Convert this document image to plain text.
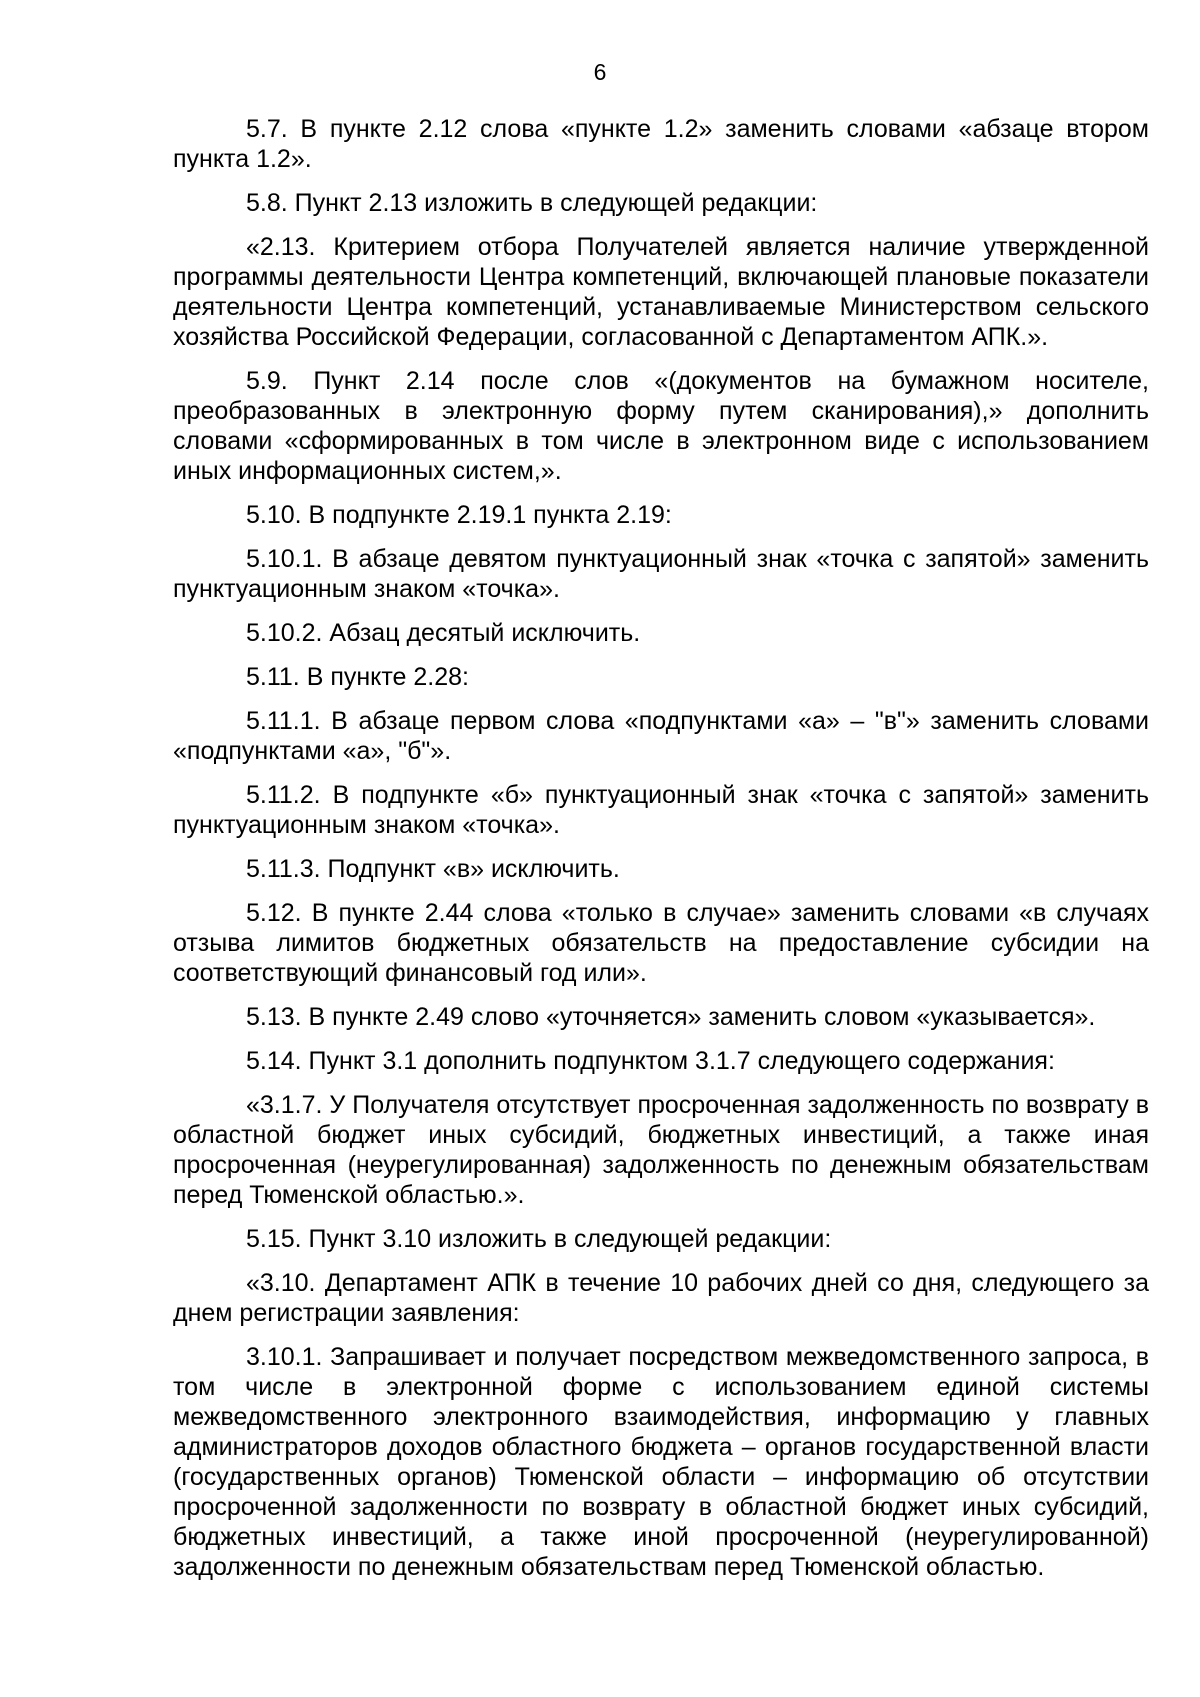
6

5.7. В пункте 2.12 слова «пункте 1.2» заменить словами «абзаце втором пункта 1.2».

5.8. Пункт 2.13 изложить в следующей редакции:

«2.13. Критерием отбора Получателей является наличие утвержденной программы деятельности Центра компетенций, включающей плановые показатели деятельности Центра компетенций, устанавливаемые Министерством сельского хозяйства Российской Федерации, согласованной с Департаментом АПК.».

5.9. Пункт 2.14 после слов «(документов на бумажном носителе, преобразованных в электронную форму путем сканирования),» дополнить словами «сформированных в том числе в электронном виде с использованием иных информационных систем,».

5.10. В подпункте 2.19.1 пункта 2.19:

5.10.1. В абзаце девятом пунктуационный знак «точка с запятой» заменить пунктуационным знаком «точка».

5.10.2. Абзац десятый исключить.

5.11. В пункте 2.28:

5.11.1. В абзаце первом слова «подпунктами «а» – "в"» заменить словами «подпунктами «а», "б"».

5.11.2. В подпункте «б» пунктуационный знак «точка с запятой» заменить пунктуационным знаком «точка».

5.11.3. Подпункт «в» исключить.

5.12. В пункте 2.44 слова «только в случае» заменить словами «в случаях отзыва лимитов бюджетных обязательств на предоставление субсидии на соответствующий финансовый год или».

5.13. В пункте 2.49 слово «уточняется» заменить словом «указывается».

5.14. Пункт 3.1 дополнить подпунктом 3.1.7 следующего содержания:

«3.1.7. У Получателя отсутствует просроченная задолженность по возврату в областной бюджет иных субсидий, бюджетных инвестиций, а также иная просроченная (неурегулированная) задолженность по денежным обязательствам перед Тюменской областью.».

5.15. Пункт 3.10 изложить в следующей редакции:

«3.10. Департамент АПК в течение 10 рабочих дней со дня, следующего за днем регистрации заявления:

3.10.1. Запрашивает и получает посредством межведомственного запроса, в том числе в электронной форме с использованием единой системы межведомственного электронного взаимодействия, информацию у главных администраторов доходов областного бюджета – органов государственной власти (государственных органов) Тюменской области – информацию об отсутствии просроченной задолженности по возврату в областной бюджет иных субсидий, бюджетных инвестиций, а также иной просроченной (неурегулированной) задолженности по денежным обязательствам перед Тюменской областью.
